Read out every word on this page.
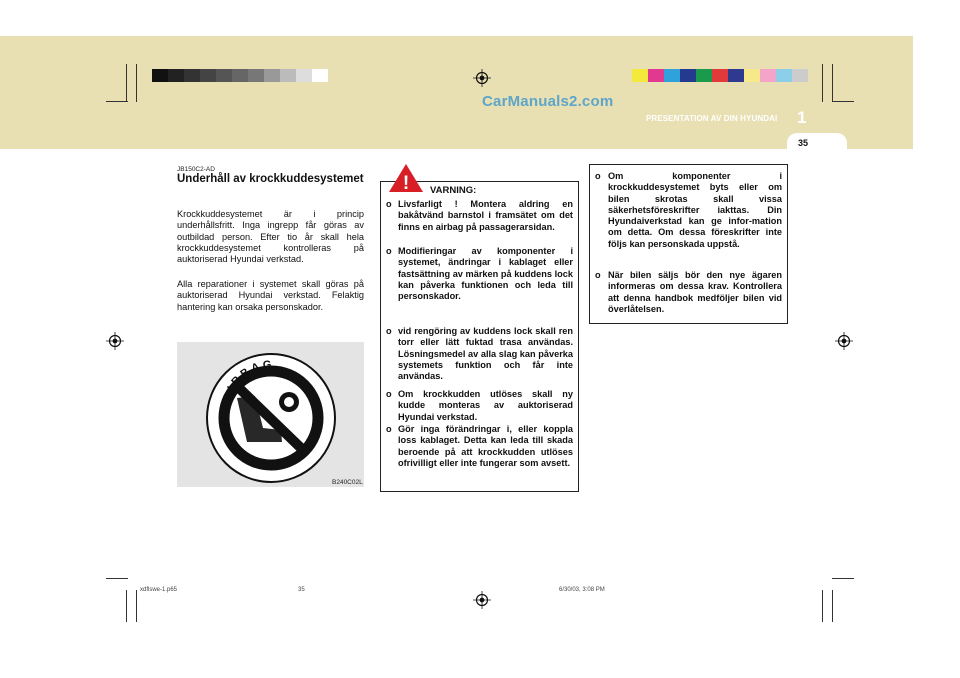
CarManuals2.com
PRESENTATION AV DIN HYUNDAI 1
35
JB150C2-AD
Underhåll av krockkuddesystemet
Krockkuddesystemet är i princip underhållsfritt. Inga ingrepp får göras av outbildad person. Efter tio år skall hela krockkuddesystemet kontrolleras på auktoriserad Hyundai verkstad.
Alla reparationer i systemet skall göras på auktoriserad Hyundai verkstad. Felaktig hantering kan orsaka personskador.
AIRBAG
B240C02L
! VARNING:
o Livsfarligt ! Montera aldring en bakåtvänd barnstol i framsätet om det finns en airbag på passagerarsidan.
o Modifieringar av komponenter i systemet, ändringar i kablaget eller fastsättning av märken på kuddens lock kan påverka funktionen och leda till personskador.
o vid rengöring av kuddens lock skall ren torr eller lätt fuktad trasa användas. Lösningsmedel av alla slag kan påverka systemets funktion och får inte användas.
o Om krockkudden utlöses skall ny kudde monteras av auktoriserad Hyundai verkstad.
o Gör inga förändringar i, eller koppla loss kablaget. Detta kan leda till skada beroende på att krockkudden utlöses ofrivilligt eller inte fungerar som avsett.
o Om komponenter i krockkuddesystemet byts eller om bilen skrotas skall vissa säkerhetsföreskrifter iakttas. Din Hyundaiverkstad kan ge infor-mation om detta. Om dessa föreskrifter inte följs kan personskada uppstå.
o När bilen säljs bör den nye ägaren informeras om dessa krav. Kontrollera att denna handbok medföljer bilen vid överlåtelsen.
xdflswe-1.p65	35	6/30/03, 3:08 PM
